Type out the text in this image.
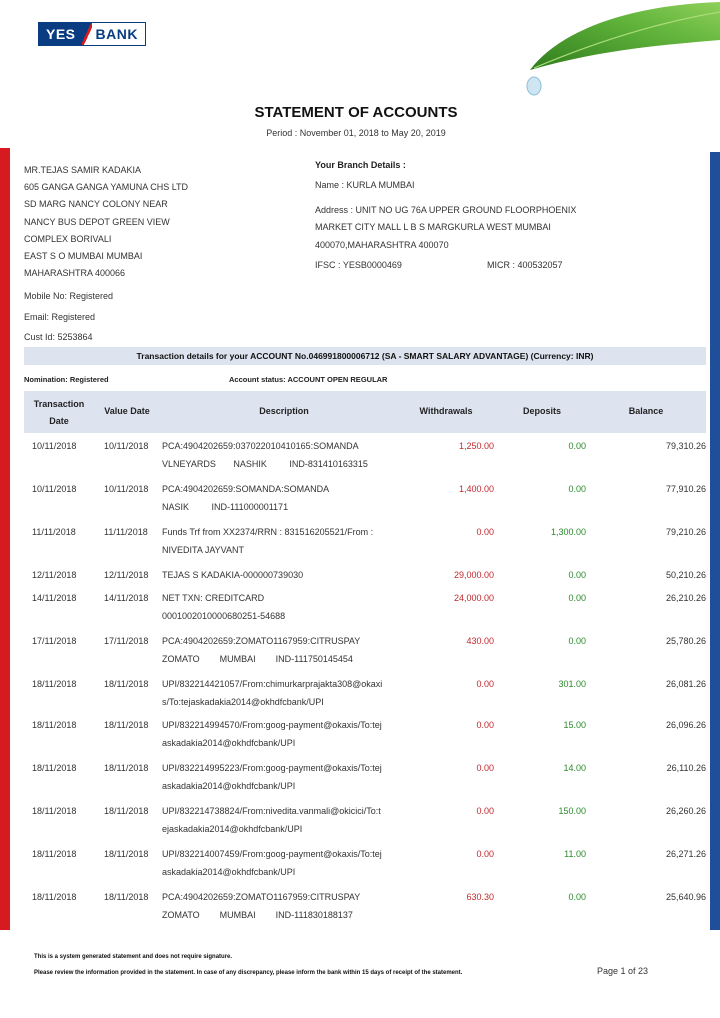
YES	BANK
STATEMENT OF ACCOUNTS
Period : November 01, 2018 to May 20, 2019
MR.TEJAS SAMIR KADAKIA
605 GANGA GANGA YAMUNA CHS LTD
SD MARG NANCY COLONY NEAR
NANCY BUS DEPOT GREEN VIEW
COMPLEX BORIVALI
EAST S O MUMBAI MUMBAI
MAHARASHTRA 400066
Mobile No: Registered
Email: Registered
Cust Id: 5253864
Your Branch Details :
Name : KURLA MUMBAI
Address : UNIT NO UG 76A UPPER GROUND FLOORPHOENIX
MARKET CITY MALL L B S MARGKURLA WEST MUMBAI
400070,MAHARASHTRA 400070
IFSC : YESB0000469	MICR : 400532057
Transaction details for your ACCOUNT No.046991800006712 (SA - SMART SALARY ADVANTAGE) (Currency: INR)
Nomination: Registered	Account status: ACCOUNT OPEN REGULAR
Transaction
Date
Value Date	Description	Withdrawals	Deposits	Balance
10/11/2018	10/11/2018 PCA:4904202659:037022010410165:SOMANDA
VLNEYARDS       NASHIK         IND-831410163315
1,250.00	0.00	79,310.26
10/11/2018	10/11/2018 PCA:4904202659:SOMANDA:SOMANDA
NASIK         IND-111000001171
1,400.00	0.00	77,910.26
11/11/2018	11/11/2018 Funds Trf from XX2374/RRN : 831516205521/From :
NIVEDITA JAYVANT
0.00	1,300.00	79,210.26
12/11/2018	12/11/2018 TEJAS S KADAKIA-000000739030	29,000.00	0.00	50,210.26
14/11/2018	14/11/2018 NET TXN: CREDITCARD
0001002010000680251-54688
24,000.00	0.00	26,210.26
17/11/2018	17/11/2018 PCA:4904202659:ZOMATO1167959:CITRUSPAY
ZOMATO        MUMBAI        IND-111750145454
430.00	0.00	25,780.26
18/11/2018	18/11/2018 UPI/832214421057/From:chimurkarprajakta308@okaxi
s/To:tejaskadakia2014@okhdfcbank/UPI
0.00	301.00	26,081.26
18/11/2018	18/11/2018 UPI/832214994570/From:goog-payment@okaxis/To:tej
askadakia2014@okhdfcbank/UPI
0.00	15.00	26,096.26
18/11/2018	18/11/2018 UPI/832214995223/From:goog-payment@okaxis/To:tej
askadakia2014@okhdfcbank/UPI
0.00	14.00	26,110.26
18/11/2018	18/11/2018 UPI/832214738824/From:nivedita.vanmali@okicici/To:t
ejaskadakia2014@okhdfcbank/UPI
0.00	150.00	26,260.26
18/11/2018	18/11/2018 UPI/832214007459/From:goog-payment@okaxis/To:tej
askadakia2014@okhdfcbank/UPI
0.00	11.00	26,271.26
18/11/2018	18/11/2018 PCA:4904202659:ZOMATO1167959:CITRUSPAY
ZOMATO        MUMBAI        IND-111830188137
630.30	0.00	25,640.96
This is a system generated statement and does not require signature.
Please review the information provided in the statement. In case of any discrepancy, please inform the bank within 15 days of receipt of the statement.	Page 1 of 23
